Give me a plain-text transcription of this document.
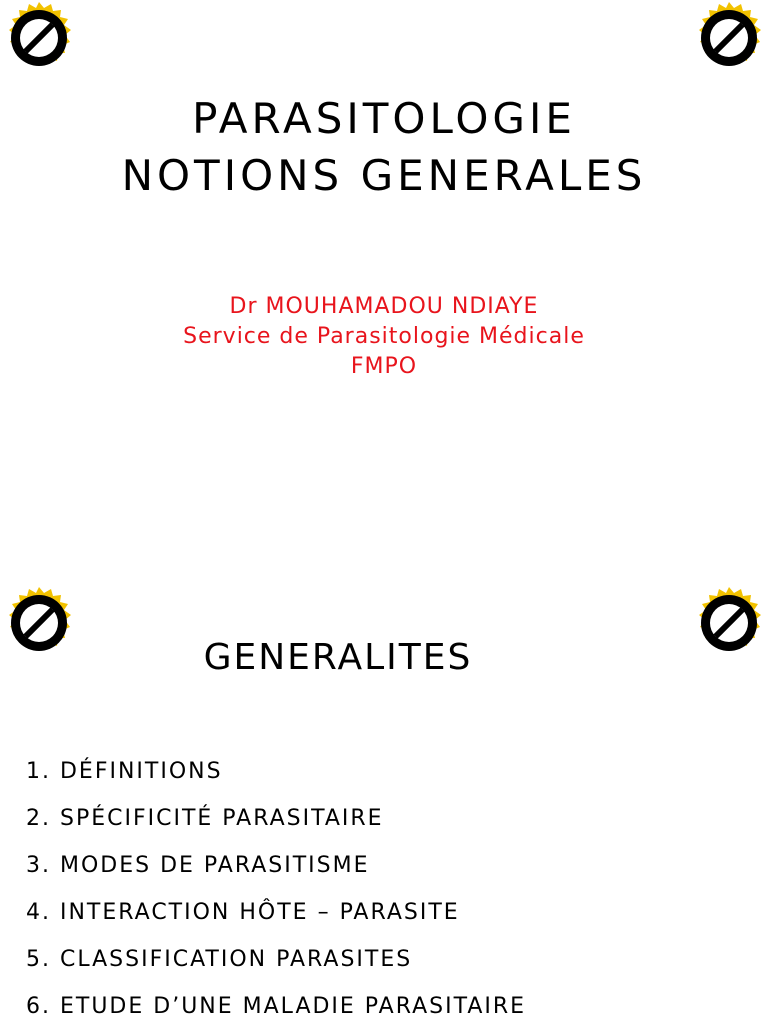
PARASITOLOGIE
NOTIONS GENERALES
Dr MOUHAMADOU NDIAYE
Service de Parasitologie Médicale
FMPO
GENERALITES
1. DÉFINITIONS
2. SPÉCIFICITÉ PARASITAIRE
3. MODES DE PARASITISME
4. INTERACTION HÔTE – PARASITE
5. CLASSIFICATION PARASITES
6. ETUDE D’UNE MALADIE PARASITAIRE
